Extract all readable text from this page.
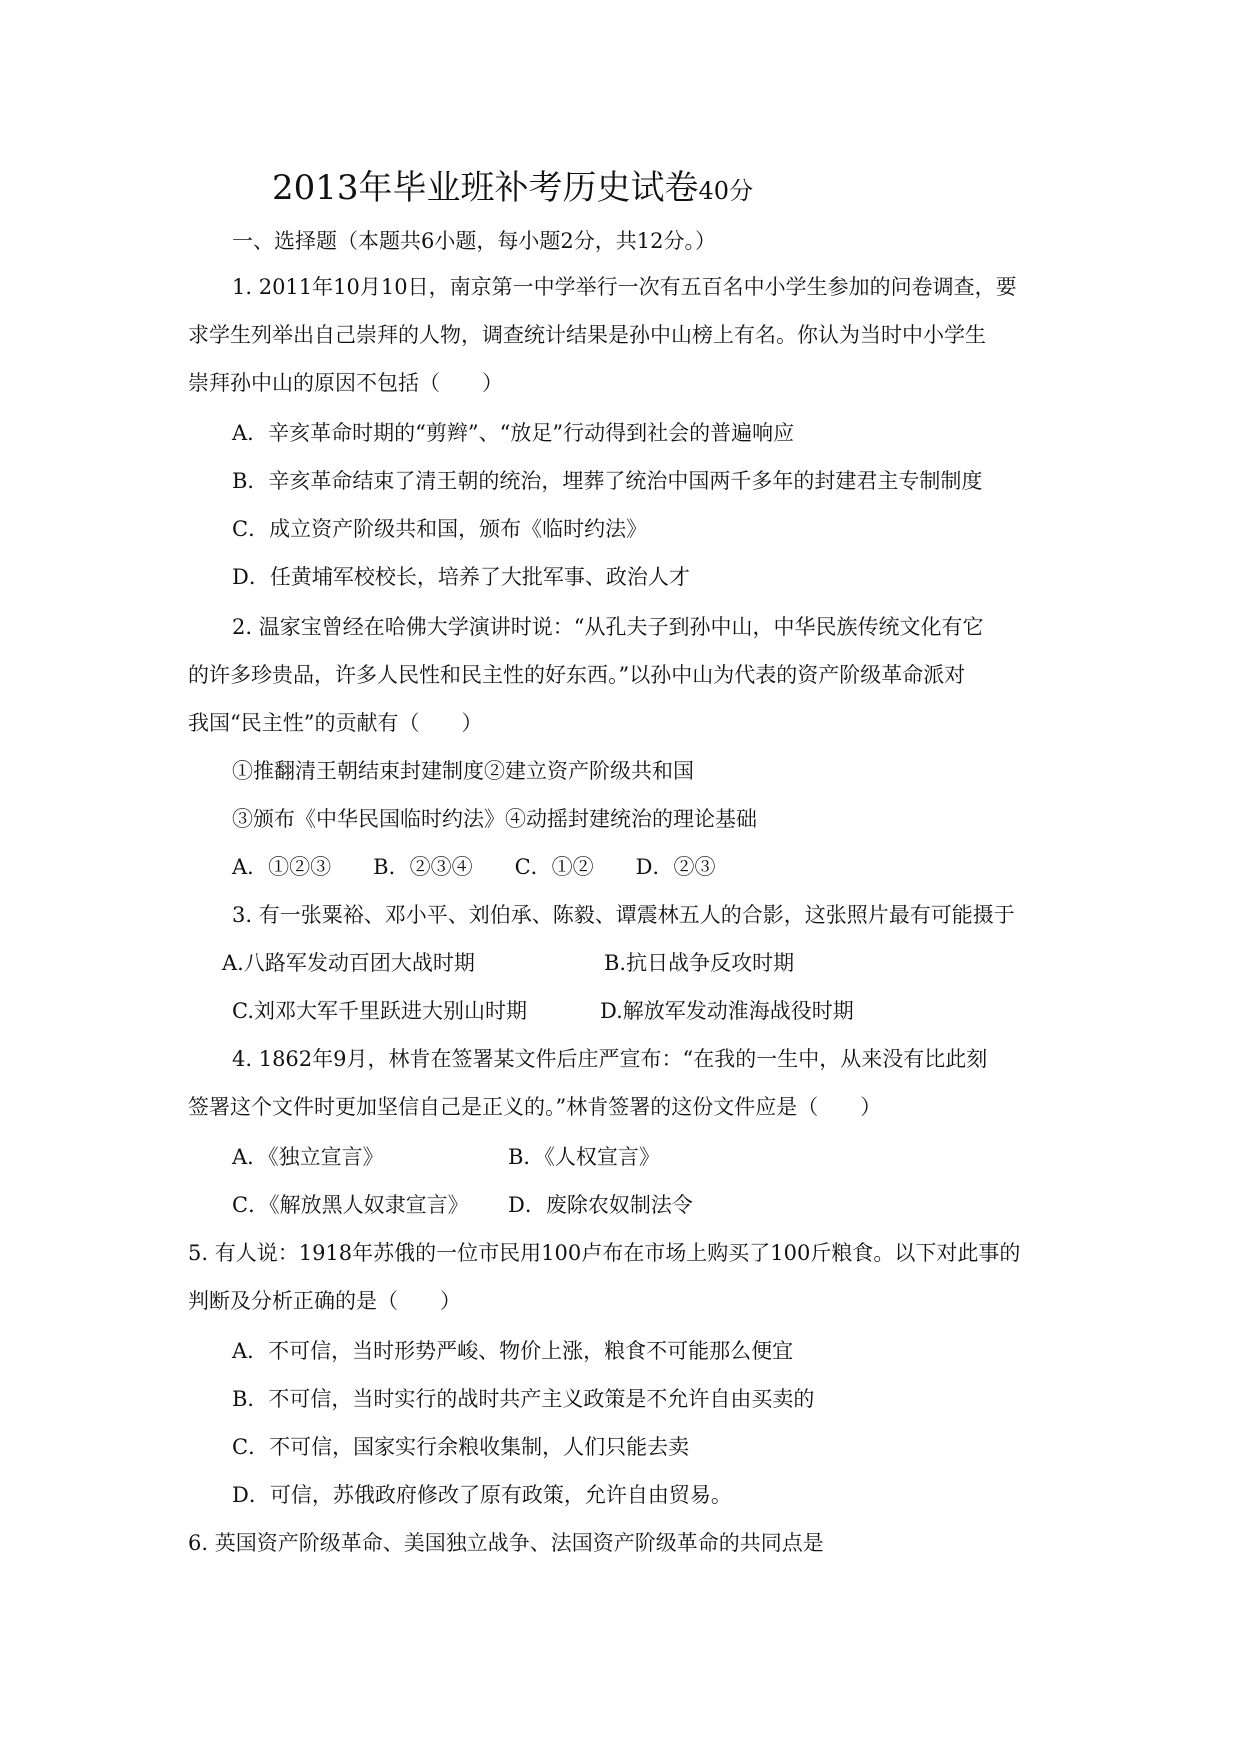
2013年毕业班补考历史试卷40分
一、选择题（本题共6小题，每小题2分，共12分。）
1. 2011年10月10日，南京第一中学举行一次有五百名中小学生参加的问卷调查，要
求学生列举出自己崇拜的人物，调查统计结果是孙中山榜上有名。你认为当时中小学生
崇拜孙中山的原因不包括（　　）
A．辛亥革命时期的“剪辫”、“放足”行动得到社会的普遍响应
B．辛亥革命结束了清王朝的统治，埋葬了统治中国两千多年的封建君主专制制度
C．成立资产阶级共和国，颁布《临时约法》
D．任黄埔军校校长，培养了大批军事、政治人才
2. 温家宝曾经在哈佛大学演讲时说：“从孔夫子到孙中山，中华民族传统文化有它
的许多珍贵品，许多人民性和民主性的好东西。”以孙中山为代表的资产阶级革命派对
我国“民主性”的贡献有（　　）
①推翻清王朝结束封建制度②建立资产阶级共和国
③颁布《中华民国临时约法》④动摇封建统治的理论基础
A．①②③　　B．②③④　　C．①②　　D．②③
3. 有一张粟裕、邓小平、刘伯承、陈毅、谭震林五人的合影，这张照片最有可能摄于
A.八路军发动百团大战时期	B.抗日战争反攻时期
C.刘邓大军千里跃进大别山时期	D.解放军发动淮海战役时期
4. 1862年9月，林肯在签署某文件后庄严宣布：“在我的一生中，从来没有比此刻
签署这个文件时更加坚信自己是正义的。”林肯签署的这份文件应是（　　）
A．《独立宣言》	B．《人权宣言》
C．《解放黑人奴隶宣言》 D．废除农奴制法令
5. 有人说：1918年苏俄的一位市民用100卢布在市场上购买了100斤粮食。以下对此事的
判断及分析正确的是（　　）
A．不可信，当时形势严峻、物价上涨，粮食不可能那么便宜
B．不可信，当时实行的战时共产主义政策是不允许自由买卖的
C．不可信，国家实行余粮收集制，人们只能去卖
D．可信，苏俄政府修改了原有政策，允许自由贸易。
6. 英国资产阶级革命、美国独立战争、法国资产阶级革命的共同点是
